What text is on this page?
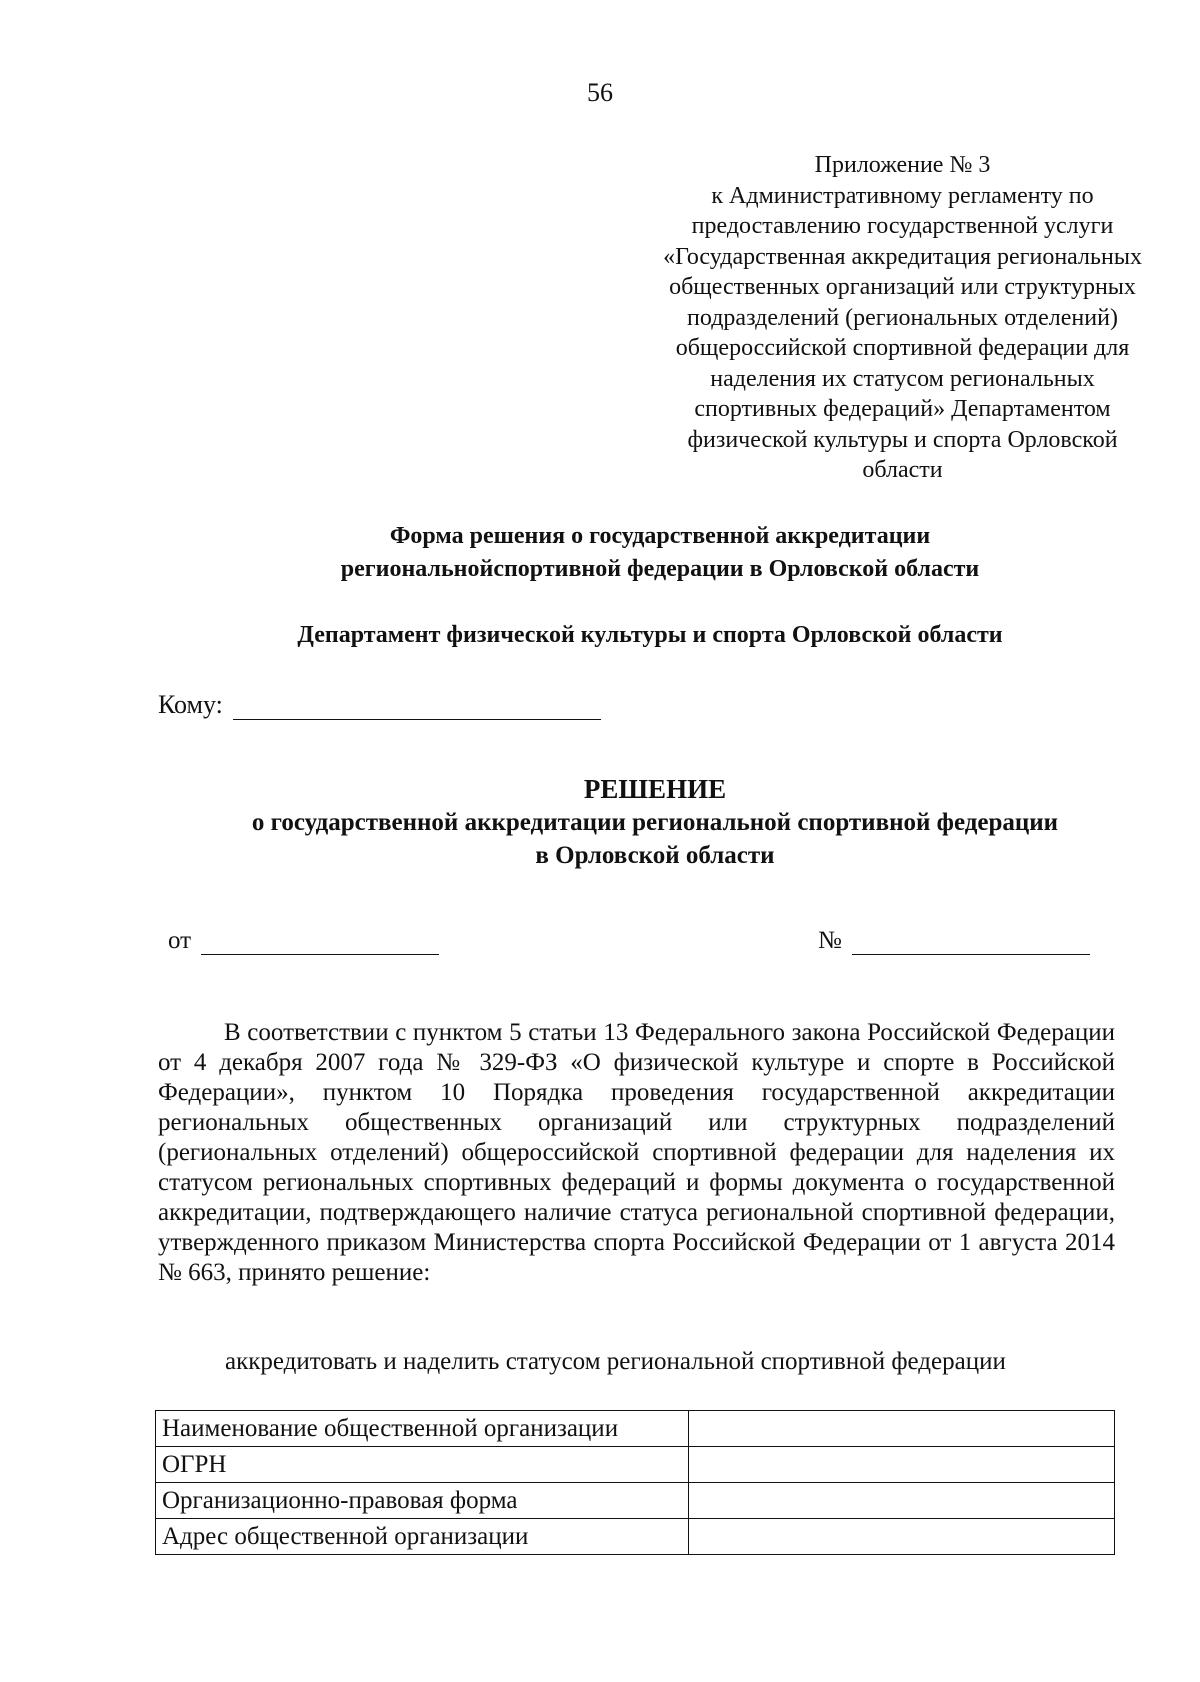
56
Приложение № 3
к Административному регламенту по
предоставлению государственной услуги
«Государственная аккредитация региональных
общественных организаций или структурных
подразделений (региональных отделений)
общероссийской спортивной федерации для
наделения их статусом региональных
спортивных федераций» Департаментом
физической культуры и спорта Орловской
области
Форма решения о государственной аккредитации
региональнойспортивной федерации в Орловской области
Департамент физической культуры и спорта Орловской области
Кому:
РЕШЕНИЕ
о государственной аккредитации региональной спортивной федерации
в Орловской области
от	№

В соответствии с пунктом 5 статьи 13 Федерального закона Российской Федерации от 4 декабря 2007 года № 329-ФЗ «О физической культуре и спорте в Российской Федерации», пунктом 10 Порядка проведения государственной аккредитации региональных общественных организаций или структурных подразделений (региональных отделений) общероссийской спортивной федерации для наделения их статусом региональных спортивных федераций и формы документа о государственной аккредитации, подтверждающего наличие статуса региональной спортивной федерации, утвержденного приказом Министерства спорта Российской Федерации от 1 августа 2014 № 663, принято решение:

аккредитовать и наделить статусом региональной спортивной федерации
Наименование общественной организации	
ОГРН	
Организационно-правовая форма	
Адрес общественной организации	
